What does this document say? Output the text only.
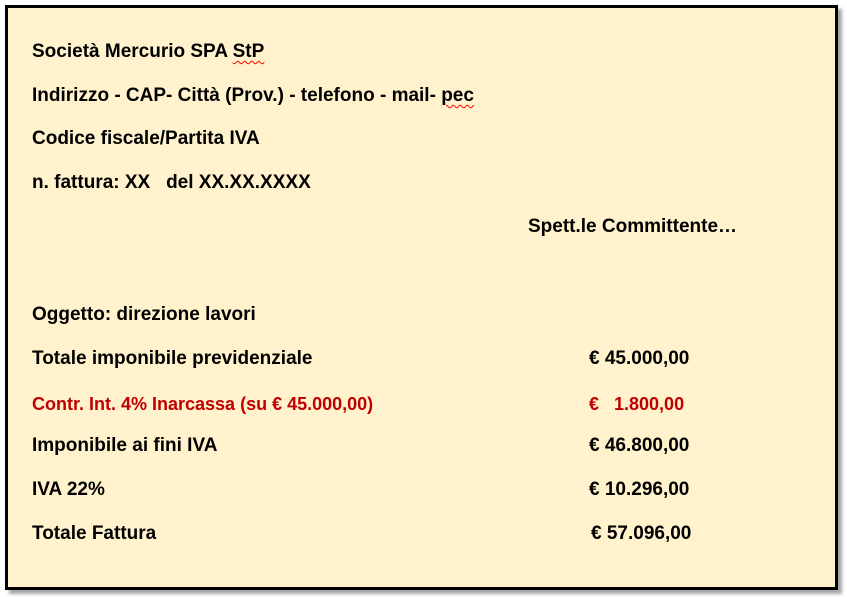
Società Mercurio SPA StP
Indirizzo - CAP- Città (Prov.) - telefono - mail- pec
Codice fiscale/Partita IVA
n. fattura: XX   del XX.XX.XXXX
Spett.le Committente…
Oggetto: direzione lavori
Totale imponibile previdenziale	€ 45.000,00
Contr. Int. 4% Inarcassa (su € 45.000,00)	€   1.800,00
Imponibile ai fini IVA	€ 46.800,00
IVA 22%	€ 10.296,00
Totale Fattura	€ 57.096,00
